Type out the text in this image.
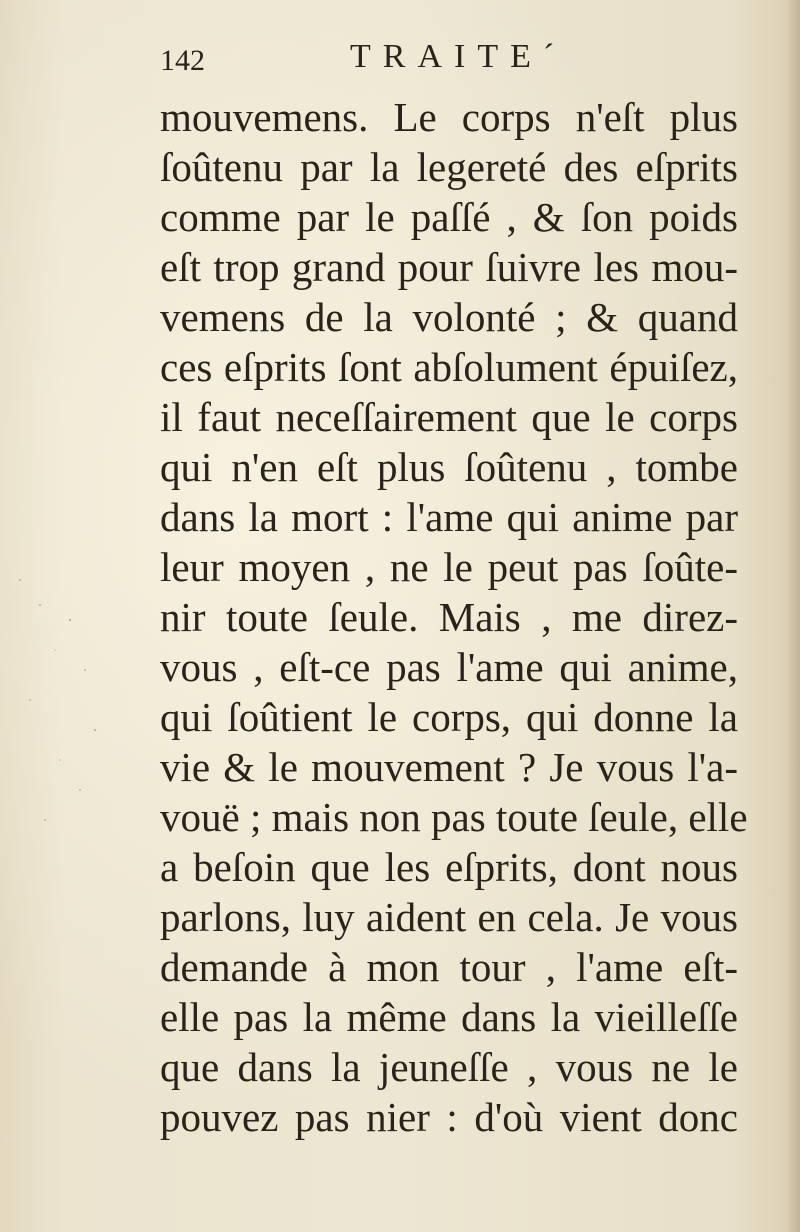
142	TRAITE´
mouvemens. Le corps n'eſt plus
ſoûtenu par la legereté des eſprits
comme par le paſſé , & ſon poids
eſt trop grand pour ſuivre les mou-
vemens de la volonté ; & quand
ces eſprits ſont abſolument épuiſez,
il faut neceſſairement que le corps
qui n'en eſt plus ſoûtenu , tombe
dans la mort : l'ame qui anime par
leur moyen , ne le peut pas ſoûte-
nir toute ſeule. Mais , me direz-
vous , eſt-ce pas l'ame qui anime,
qui ſoûtient le corps, qui donne la
vie & le mouvement ? Je vous l'a-
vouë ; mais non pas toute ſeule, elle
a beſoin que les eſprits, dont nous
parlons, luy aident en cela. Je vous
demande à mon tour , l'ame eſt-
elle pas la même dans la vieilleſſe
que dans la jeuneſſe , vous ne le
pouvez pas nier : d'où vient donc
